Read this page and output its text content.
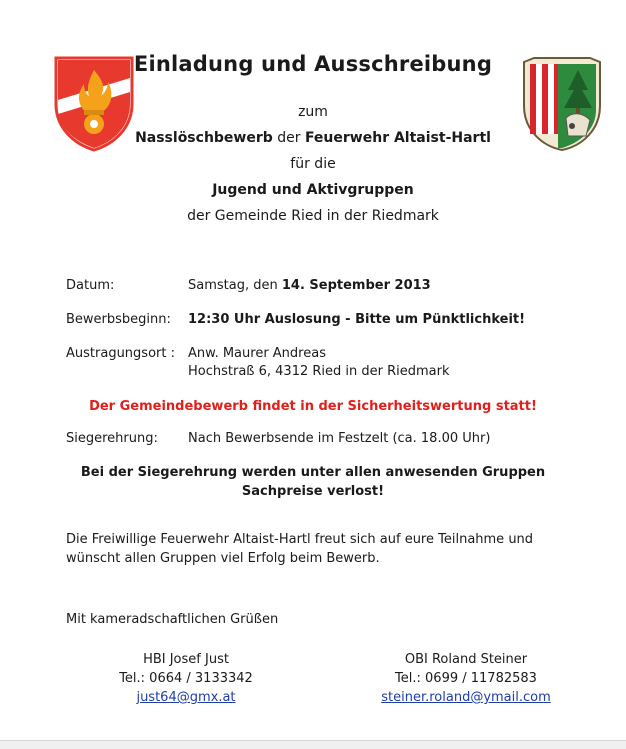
Einladung und Ausschreibung
zum
Nasslöschbewerb der Feuerwehr Altaist-Hartl
für die
Jugend und Aktivgruppen
der Gemeinde Ried in der Riedmark
Datum:	Samstag, den 14. September 2013
Bewerbsbeginn: 12:30 Uhr Auslosung - Bitte um Pünktlichkeit!
Austragungsort : Anw. Maurer Andreas
Hochstraß 6, 4312 Ried in der Riedmark
Der Gemeindebewerb findet in der Sicherheitswertung statt!
Siegerehrung: Nach Bewerbsende im Festzelt (ca. 18.00 Uhr)
Bei der Siegerehrung werden unter allen anwesenden Gruppen
Sachpreise verlost!
Die Freiwillige Feuerwehr Altaist-Hartl freut sich auf eure Teilnahme und
wünscht allen Gruppen viel Erfolg beim Bewerb.
Mit kameradschaftlichen Grüßen
HBI Josef Just
Tel.: 0664 / 3133342
just64@gmx.at
OBI Roland Steiner
Tel.: 0699 / 11782583
steiner.roland@ymail.com
